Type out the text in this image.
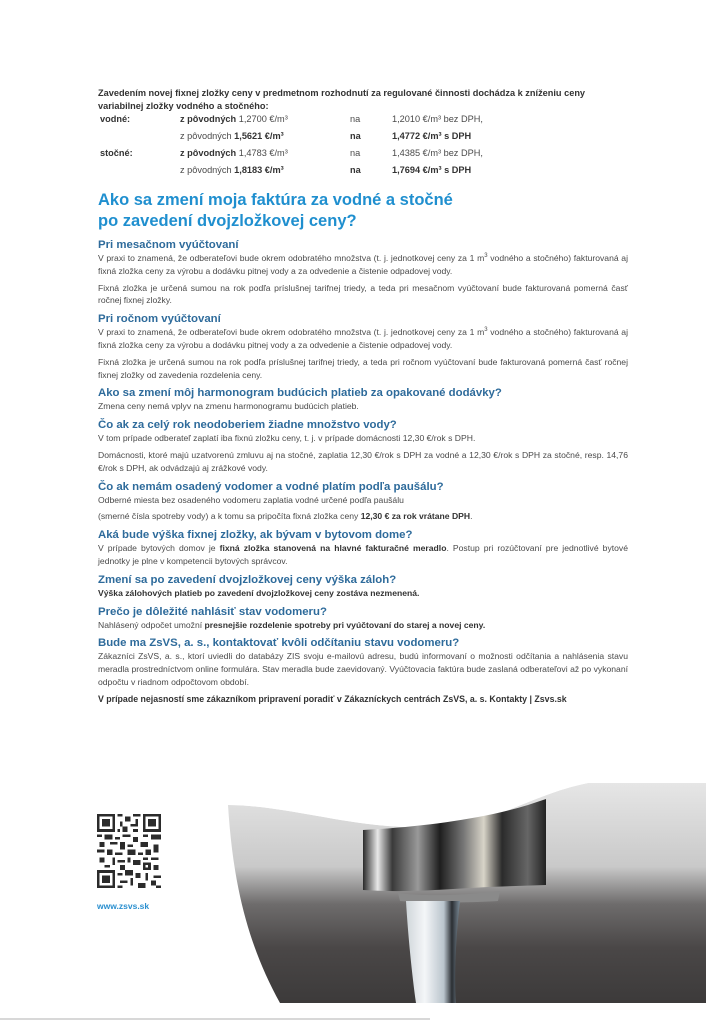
Zavedením novej fixnej zložky ceny v predmetnom rozhodnutí za regulované činnosti dochádza k zníženiu ceny variabilnej zložky vodného a stočného:
vodné:	z pôvodných 1,2700 €/m³	na	1,2010 €/m³ bez DPH,
z pôvodných 1,5621 €/m³	na	1,4772 €/m³ s DPH
stočné:	z pôvodných 1,4783 €/m³	na	1,4385 €/m³ bez DPH,
z pôvodných 1,8183 €/m³	na	1,7694 €/m³ s DPH
Ako sa zmení moja faktúra za vodné a stočné
po zavedení dvojzložkovej ceny?
Pri mesačnom vyúčtovaní

V praxi to znamená, že odberateľovi bude okrem odobratého množstva (t. j. jednotkovej ceny za 1 $m^3$ vodného a stočného) fakturovaná aj fixná zložka ceny za výrobu a dodávku pitnej vody a za odvedenie a čistenie odpadovej vody.

Fixná zložka je určená sumou na rok podľa príslušnej tarifnej triedy, a teda pri mesačnom vyúčtovaní bude fakturovaná pomerná časť ročnej fixnej zložky.

Pri ročnom vyúčtovaní

V praxi to znamená, že odberateľovi bude okrem odobratého množstva (t. j. jednotkovej ceny za 1 $m^3$ vodného a stočného) fakturovaná aj fixná zložka ceny za výrobu a dodávku pitnej vody a za odvedenie a čistenie odpadovej vody.

Fixná zložka je určená sumou na rok podľa príslušnej tarifnej triedy, a teda pri ročnom vyúčtovaní bude fakturovaná pomerná časť ročnej fixnej zložky od zavedenia rozdelenia ceny.

Ako sa zmení môj harmonogram budúcich platieb za opakované dodávky?

Zmena ceny nemá vplyv na zmenu harmonogramu budúcich platieb.

Čo ak za celý rok neodoberiem žiadne množstvo vody?

V tom prípade odberateľ zaplatí iba fixnú zložku ceny, t. j. v prípade domácnosti 12,30 €/rok s DPH.

Domácnosti, ktoré majú uzatvorenú zmluvu aj na stočné, zaplatia 12,30 €/rok s DPH za vodné a 12,30 €/rok s DPH za stočné, resp. 14,76 €/rok s DPH, ak odvádzajú aj zrážkové vody.

Čo ak nemám osadený vodomer a vodné platím podľa paušálu?

Odberné miesta bez osadeného vodomeru zaplatia vodné určené podľa paušálu

(smerné čísla spotreby vody) a k tomu sa pripočíta fixná zložka ceny 12,30 € za rok vrátane DPH.

Aká bude výška fixnej zložky, ak bývam v bytovom dome?

V prípade bytových domov je fixná zložka stanovená na hlavné fakturačné meradlo. Postup pri rozúčtovaní pre jednotlivé bytové jednotky je plne v kompetencii bytových správcov.

Zmení sa po zavedení dvojzložkovej ceny výška záloh?

Výška zálohových platieb po zavedení dvojzložkovej ceny zostáva nezmenená.

Prečo je dôležité nahlásiť stav vodomeru?

Nahlásený odpočet umožní presnejšie rozdelenie spotreby pri vyúčtovaní do starej a novej ceny.

Bude ma ZsVS, a. s., kontaktovať kvôli odčítaniu stavu vodomeru?

Zákazníci ZsVS, a. s., ktorí uviedli do databázy ZIS svoju e-mailovú adresu, budú informovaní o možnosti odčítania a nahlásenia stavu meradla prostredníctvom online formulára. Stav meradla bude zaevidovaný. Vyúčtovacia faktúra bude zaslaná odberateľovi až po vykonaní odpočtu v riadnom odpočtovom období.

V prípade nejasností sme zákazníkom pripravení poradiť v Zákazníckych centrách ZsVS, a. s. Kontakty | Zsvs.sk
www.zsvs.sk
